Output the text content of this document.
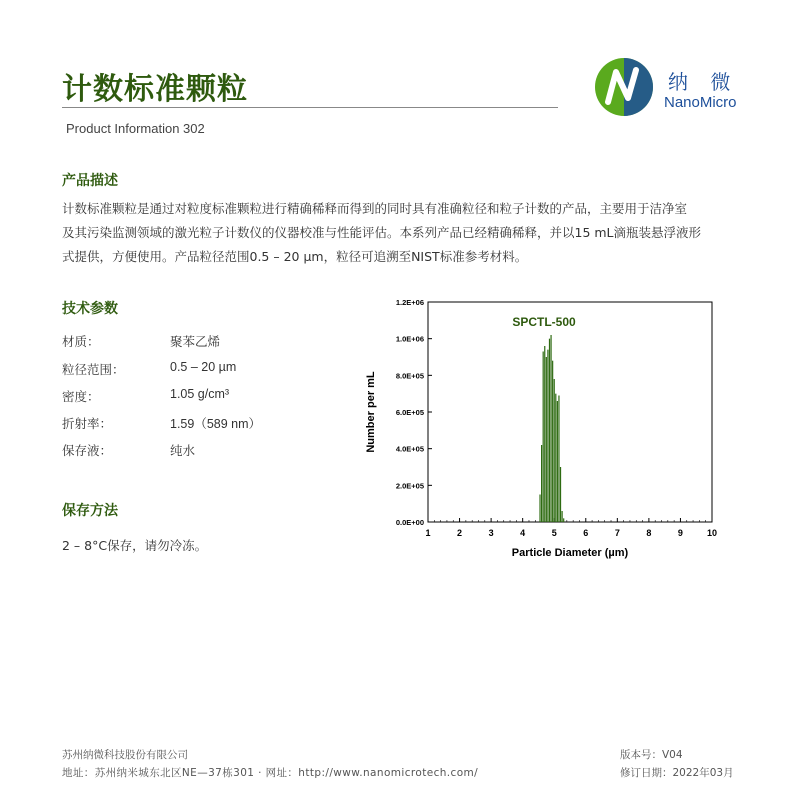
计数标准颗粒
Product Information 302
纳 微
NanoMicro
产品描述
计数标准颗粒是通过对粒度标准颗粒进行精确稀释而得到的同时具有准确粒径和粒子计数的产品，主要用于洁净室
及其污染监测领域的激光粒子计数仪的仪器校准与性能评估。本系列产品已经精确稀释，并以15 mL滴瓶装悬浮液形
式提供，方便使用。产品粒径范围0.5 – 20 µm，粒径可追溯至NIST标准参考材料。
技术参数
材质：	聚苯乙烯
粒径范围：	0.5 – 20 µm
密度：	1.05 g/cm³
折射率：	1.59（589 nm）
保存液：	纯水
保存方法
2 – 8°C保存，请勿冷冻。
0.0E+00
2.0E+05
4.0E+05
6.0E+05
8.0E+05
1.0E+06
1.2E+06
1	2	3	4	5	6	7	8	9	10
SPCTL-500
Particle Diameter (µm)
Number per mL
苏州纳微科技股份有限公司
地址：苏州纳米城东北区NE—37栋301 · 网址：http://www.nanomicrotech.com/
版本号：V04
修订日期：2022年03月
